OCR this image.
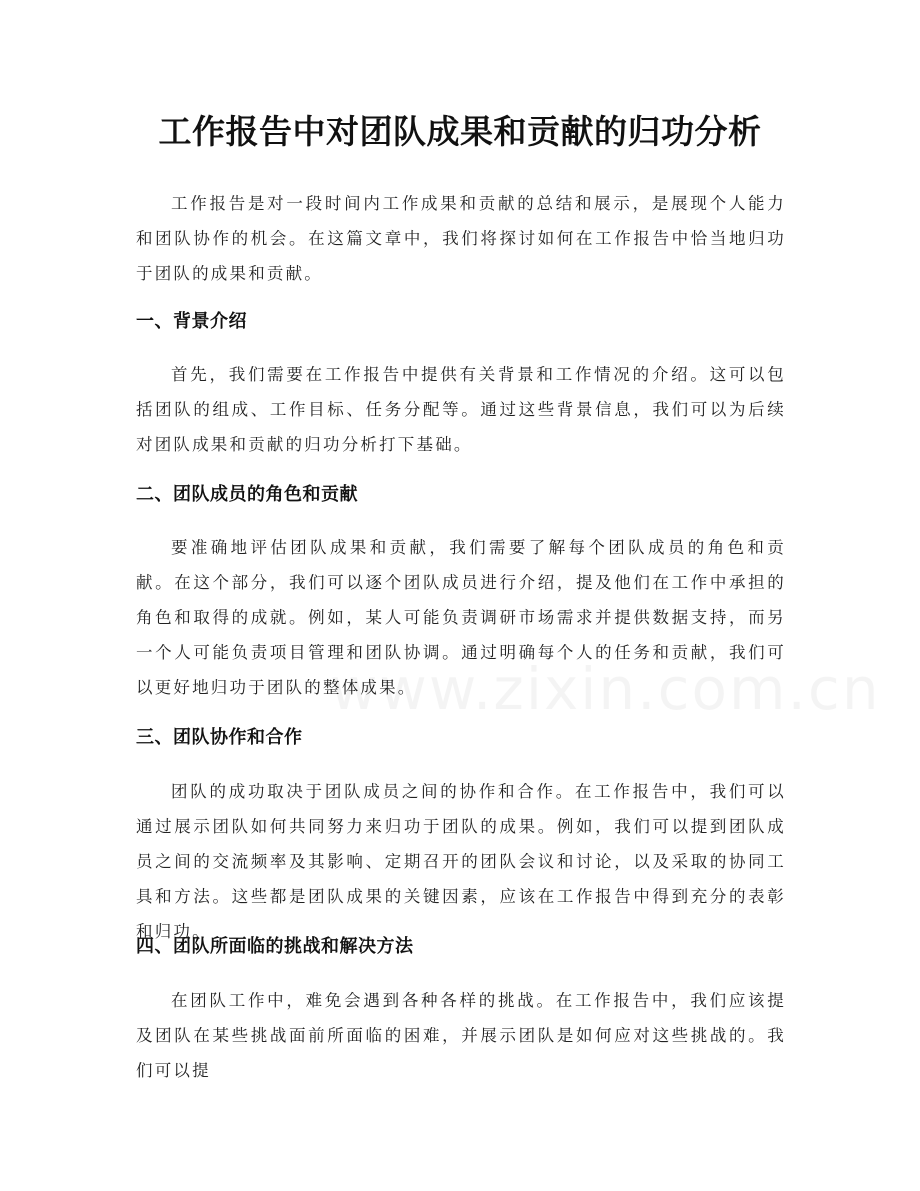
工作报告中对团队成果和贡献的归功分析

工作报告是对一段时间内工作成果和贡献的总结和展示，是展现个人能力和团队协作的机会。在这篇文章中，我们将探讨如何在工作报告中恰当地归功于团队的成果和贡献。

一、背景介绍

首先，我们需要在工作报告中提供有关背景和工作情况的介绍。这可以包括团队的组成、工作目标、任务分配等。通过这些背景信息，我们可以为后续对团队成果和贡献的归功分析打下基础。

二、团队成员的角色和贡献

要准确地评估团队成果和贡献，我们需要了解每个团队成员的角色和贡献。在这个部分，我们可以逐个团队成员进行介绍，提及他们在工作中承担的角色和取得的成就。例如，某人可能负责调研市场需求并提供数据支持，而另一个人可能负责项目管理和团队协调。通过明确每个人的任务和贡献，我们可以更好地归功于团队的整体成果。

三、团队协作和合作

团队的成功取决于团队成员之间的协作和合作。在工作报告中，我们可以通过展示团队如何共同努力来归功于团队的成果。例如，我们可以提到团队成员之间的交流频率及其影响、定期召开的团队会议和讨论，以及采取的协同工具和方法。这些都是团队成果的关键因素，应该在工作报告中得到充分的表彰和归功。

四、团队所面临的挑战和解决方法

在团队工作中，难免会遇到各种各样的挑战。在工作报告中，我们应该提及团队在某些挑战面前所面临的困难，并展示团队是如何应对这些挑战的。我们可以提
